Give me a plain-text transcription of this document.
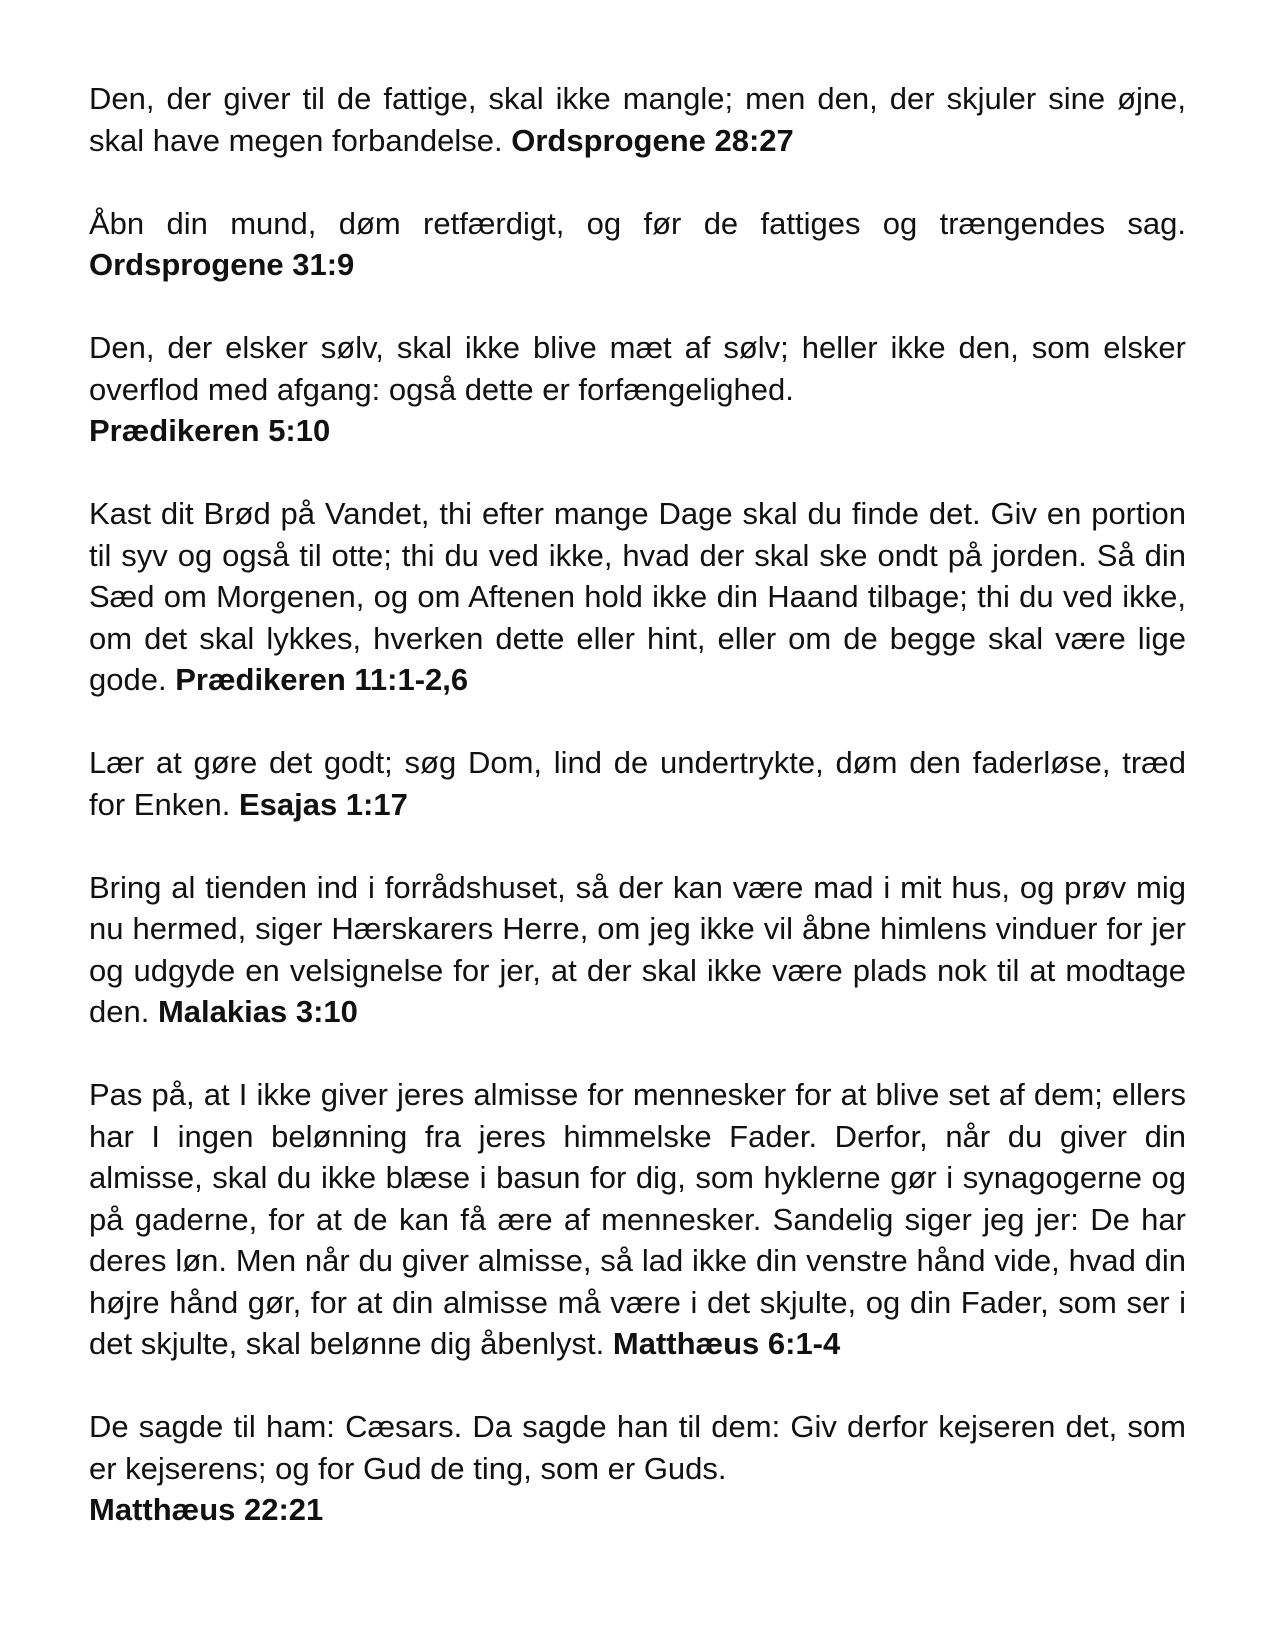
Den, der giver til de fattige, skal ikke mangle; men den, der skjuler sine øjne, skal have megen forbandelse. Ordsprogene 28:27

Åbn din mund, døm retfærdigt, og før de fattiges og trængendes sag. Ordsprogene 31:9

Den, der elsker sølv, skal ikke blive mæt af sølv; heller ikke den, som elsker overflod med afgang: også dette er forfængelighed.
Prædikeren 5:10

Kast dit Brød på Vandet, thi efter mange Dage skal du finde det. Giv en portion til syv og også til otte; thi du ved ikke, hvad der skal ske ondt på jorden. Så din Sæd om Morgenen, og om Aftenen hold ikke din Haand tilbage; thi du ved ikke, om det skal lykkes, hverken dette eller hint, eller om de begge skal være lige gode. Prædikeren 11:1-2,6

Lær at gøre det godt; søg Dom, lind de undertrykte, døm den faderløse, træd for Enken. Esajas 1:17

Bring al tienden ind i forrådshuset, så der kan være mad i mit hus, og prøv mig nu hermed, siger Hærskarers Herre, om jeg ikke vil åbne himlens vinduer for jer og udgyde en velsignelse for jer, at der skal ikke være plads nok til at modtage den. Malakias 3:10

Pas på, at I ikke giver jeres almisse for mennesker for at blive set af dem; ellers har I ingen belønning fra jeres himmelske Fader. Derfor, når du giver din almisse, skal du ikke blæse i basun for dig, som hyklerne gør i synagogerne og på gaderne, for at de kan få ære af mennesker. Sandelig siger jeg jer: De har deres løn. Men når du giver almisse, så lad ikke din venstre hånd vide, hvad din højre hånd gør, for at din almisse må være i det skjulte, og din Fader, som ser i det skjulte, skal belønne dig åbenlyst. Matthæus 6:1-4

De sagde til ham: Cæsars. Da sagde han til dem: Giv derfor kejseren det, som er kejserens; og for Gud de ting, som er Guds.
Matthæus 22:21
